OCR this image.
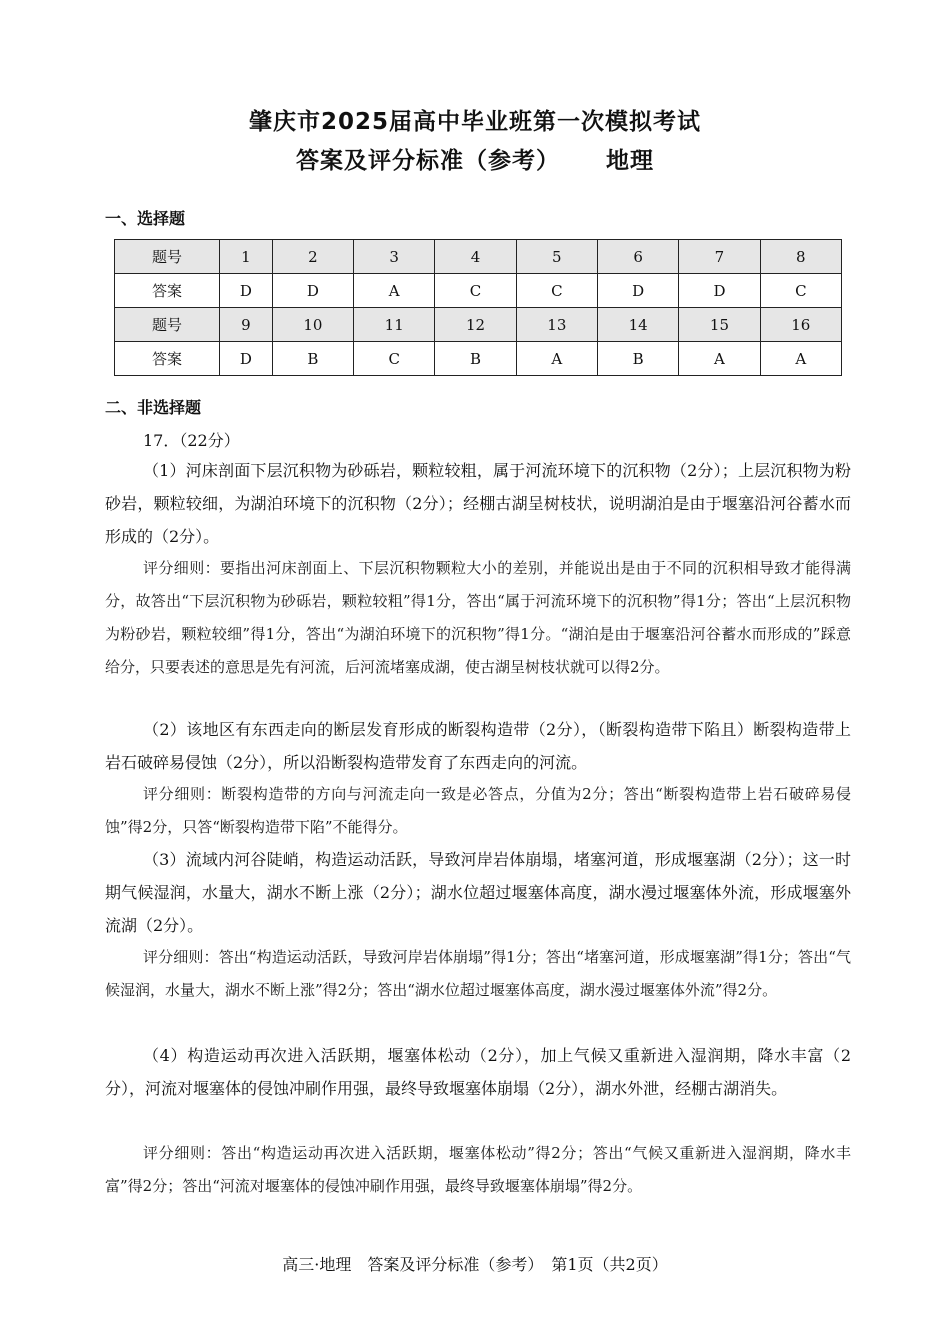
肇庆市2025届高中毕业班第一次模拟考试
答案及评分标准（参考） 地理
一、选择题
题号	1	2	3	4	5	6	7	8
答案	D	D	A	C	C	D	D	C
题号	9	10	11	12	13	14	15	16
答案	D	B	C	B	A	B	A	A
二、非选择题
17．（22分）
（1）河床剖面下层沉积物为砂砾岩，颗粒较粗，属于河流环境下的沉积物（2分）；上层沉积物为粉砂岩，颗粒较细，为湖泊环境下的沉积物（2分）；经棚古湖呈树枝状，说明湖泊是由于堰塞沿河谷蓄水而形成的（2分）。
评分细则：要指出河床剖面上、下层沉积物颗粒大小的差别，并能说出是由于不同的沉积相导致才能得满分，故答出“下层沉积物为砂砾岩，颗粒较粗”得1分，答出“属于河流环境下的沉积物”得1分；答出“上层沉积物为粉砂岩，颗粒较细”得1分，答出“为湖泊环境下的沉积物”得1分。“湖泊是由于堰塞沿河谷蓄水而形成的”踩意给分，只要表述的意思是先有河流，后河流堵塞成湖，使古湖呈树枝状就可以得2分。
（2）该地区有东西走向的断层发育形成的断裂构造带（2分），（断裂构造带下陷且）断裂构造带上岩石破碎易侵蚀（2分），所以沿断裂构造带发育了东西走向的河流。
评分细则：断裂构造带的方向与河流走向一致是必答点，分值为2分；答出“断裂构造带上岩石破碎易侵蚀”得2分，只答“断裂构造带下陷”不能得分。
（3）流域内河谷陡峭，构造运动活跃，导致河岸岩体崩塌，堵塞河道，形成堰塞湖（2分）；这一时期气候湿润，水量大，湖水不断上涨（2分）；湖水位超过堰塞体高度，湖水漫过堰塞体外流，形成堰塞外流湖（2分）。
评分细则：答出“构造运动活跃，导致河岸岩体崩塌”得1分；答出“堵塞河道，形成堰塞湖”得1分；答出“气候湿润，水量大，湖水不断上涨”得2分；答出“湖水位超过堰塞体高度，湖水漫过堰塞体外流”得2分。
（4）构造运动再次进入活跃期，堰塞体松动（2分），加上气候又重新进入湿润期，降水丰富（2分），河流对堰塞体的侵蚀冲刷作用强，最终导致堰塞体崩塌（2分），湖水外泄，经棚古湖消失。
评分细则：答出“构造运动再次进入活跃期，堰塞体松动”得2分；答出“气候又重新进入湿润期，降水丰富”得2分；答出“河流对堰塞体的侵蚀冲刷作用强，最终导致堰塞体崩塌”得2分。
高三·地理　答案及评分标准（参考）　第1页（共2页）
